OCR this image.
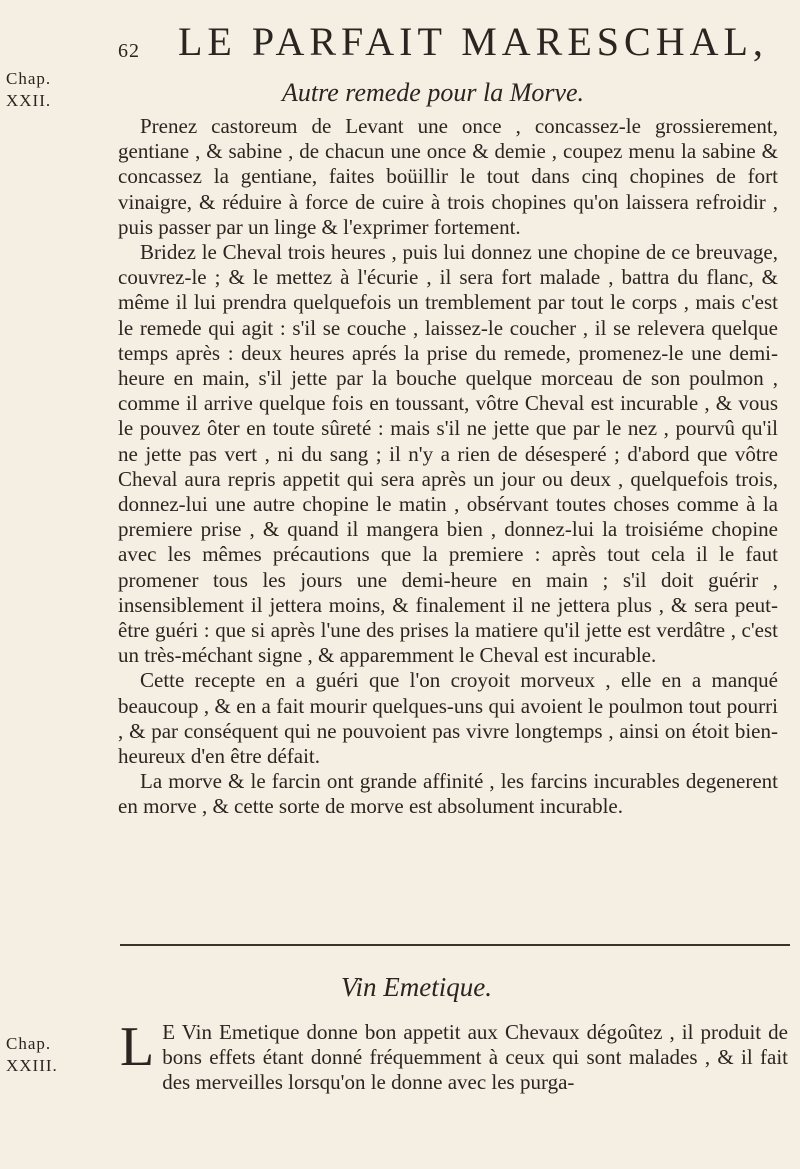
62 LE PARFAIT MARESCHAL,
Chap.
XXII.	Autre remede pour la Morve.

Prenez castoreum de Levant une once , concassez-le grossierement, gentiane , & sabine , de chacun une once & demie , coupez menu la sabine & concassez la gentiane, faites boüillir le tout dans cinq chopines de fort vinaigre, & réduire à force de cuire à trois chopines qu'on laissera refroidir , puis passer par un linge & l'exprimer fortement.

Bridez le Cheval trois heures , puis lui donnez une chopine de ce breuvage, couvrez-le ; & le mettez à l'écurie , il sera fort malade , battra du flanc, & même il lui prendra quelquefois un tremblement par tout le corps , mais c'est le remede qui agit : s'il se couche , laissez-le coucher , il se relevera quelque temps après : deux heures aprés la prise du remede, promenez-le une demi-heure en main, s'il jette par la bouche quelque morceau de son poulmon , comme il arrive quelque fois en toussant, vôtre Cheval est incurable , & vous le pouvez ôter en toute sûreté : mais s'il ne jette que par le nez , pourvû qu'il ne jette pas vert , ni du sang ; il n'y a rien de désesperé ; d'abord que vôtre Cheval aura repris appetit qui sera après un jour ou deux , quelquefois trois, donnez-lui une autre chopine le matin , obsérvant toutes choses comme à la premiere prise , & quand il mangera bien , donnez-lui la troisiéme chopine avec les mêmes précautions que la premiere : après tout cela il le faut promener tous les jours une demi-heure en main ; s'il doit guérir , insensiblement il jettera moins, & finalement il ne jettera plus , & sera peut-être guéri : que si après l'une des prises la matiere qu'il jette est verdâtre , c'est un très-méchant signe , & apparemment le Cheval est incurable.

Cette recepte en a guéri que l'on croyoit morveux , elle en a manqué beaucoup , & en a fait mourir quelques-uns qui avoient le poulmon tout pourri , & par conséquent qui ne pouvoient pas vivre longtemps , ainsi on étoit bien-heureux d'en être défait.

La morve & le farcin ont grande affinité , les farcins incurables degenerent en morve , & cette sorte de morve est absolument incurable.

Vin Emetique.
Chap.
XXIII. L E Vin Emetique donne bon appetit aux Chevaux dégoûtez , il produit de bons effets étant donné fréquemment à ceux qui sont malades , & il fait des merveilles lorsqu'on le donne avec les purga-
